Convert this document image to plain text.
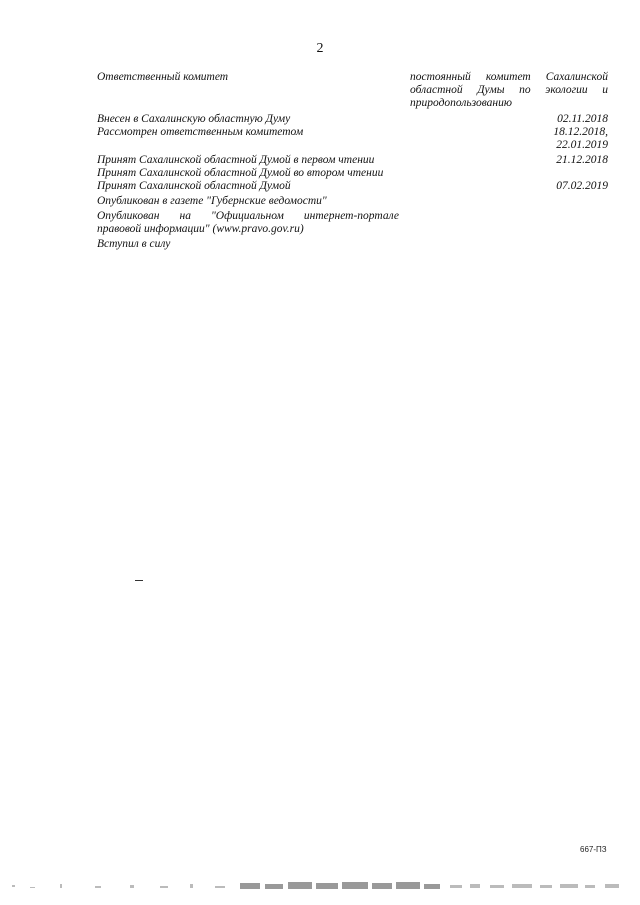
2
Ответственный комитет	постоянный комитет Сахалинской
областной Думы по экологии и
природопользованию
Внесен в Сахалинскую областную Думу	02.11.2018
Рассмотрен ответственным комитетом	18.12.2018,
22.01.2019
Принят Сахалинской областной Думой в первом чтении	21.12.2018
Принят Сахалинской областной Думой во втором чтении
Принят Сахалинской областной Думой	07.02.2019
Опубликован в газете "Губернские ведомости"
Опубликован на "Официальном интернет-портале
правовой информации" (www.pravo.gov.ru)
Вступил в силу
667-ПЗ
